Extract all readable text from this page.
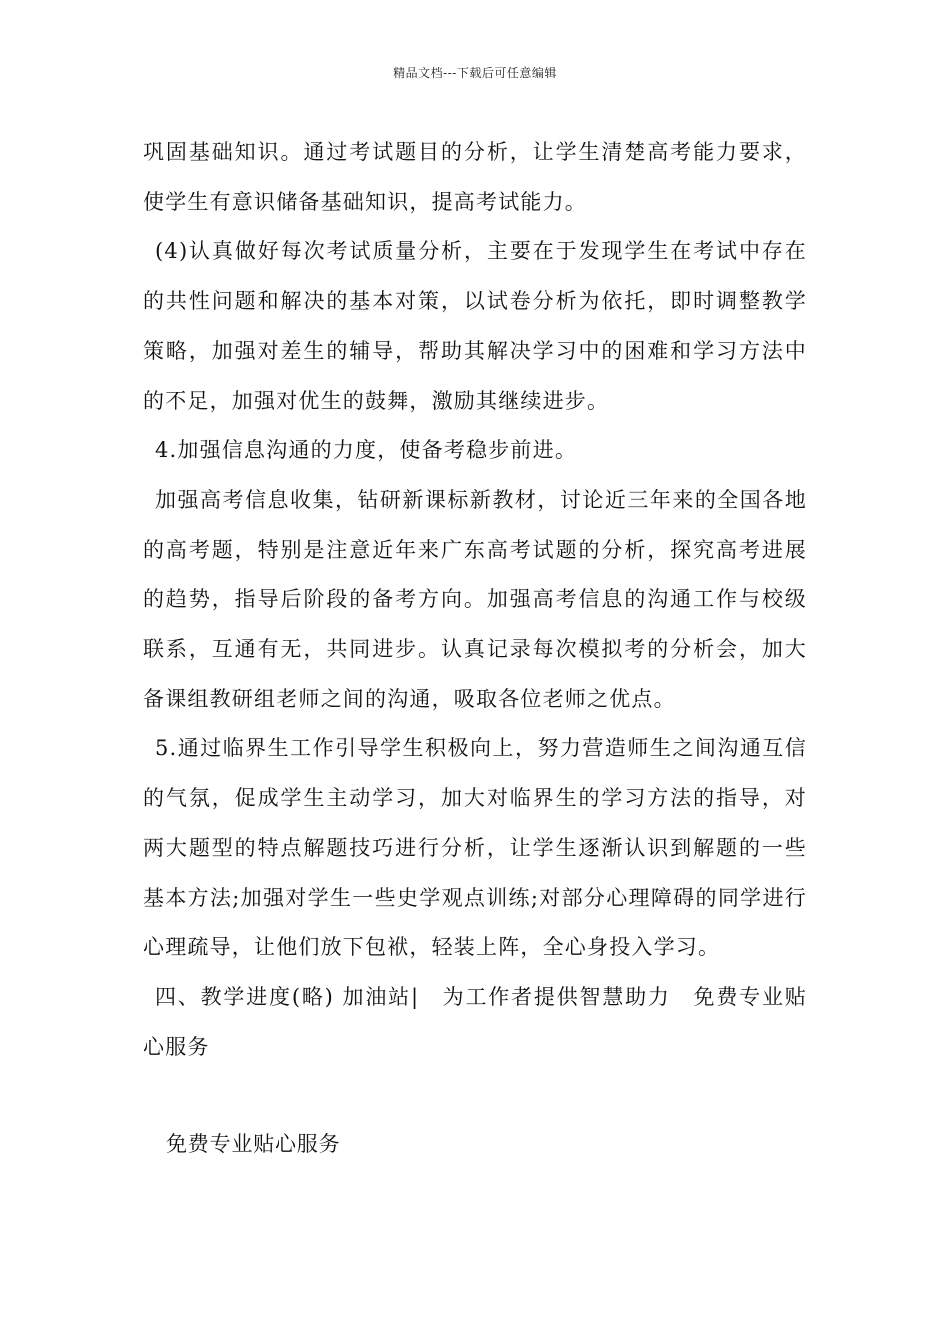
精品文档---下载后可任意编辑

巩固基础知识。通过考试题目的分析，让学生清楚高考能力要求，使学生有意识储备基础知识，提高考试能力。

(4)认真做好每次考试质量分析，主要在于发现学生在考试中存在的共性问题和解决的基本对策，以试卷分析为依托，即时调整教学策略，加强对差生的辅导，帮助其解决学习中的困难和学习方法中的不足，加强对优生的鼓舞，激励其继续进步。

4.加强信息沟通的力度，使备考稳步前进。

加强高考信息收集，钻研新课标新教材，讨论近三年来的全国各地的高考题，特别是注意近年来广东高考试题的分析，探究高考进展的趋势，指导后阶段的备考方向。加强高考信息的沟通工作与校级联系，互通有无，共同进步。认真记录每次模拟考的分析会，加大备课组教研组老师之间的沟通，吸取各位老师之优点。

5.通过临界生工作引导学生积极向上，努力营造师生之间沟通互信的气氛，促成学生主动学习，加大对临界生的学习方法的指导，对两大题型的特点解题技巧进行分析，让学生逐渐认识到解题的一些基本方法;加强对学生一些史学观点训练;对部分心理障碍的同学进行心理疏导，让他们放下包袱，轻装上阵，全心身投入学习。

四、教学进度(略) 加油站|　为工作者提供智慧助力　免费专业贴心服务

免费专业贴心服务
